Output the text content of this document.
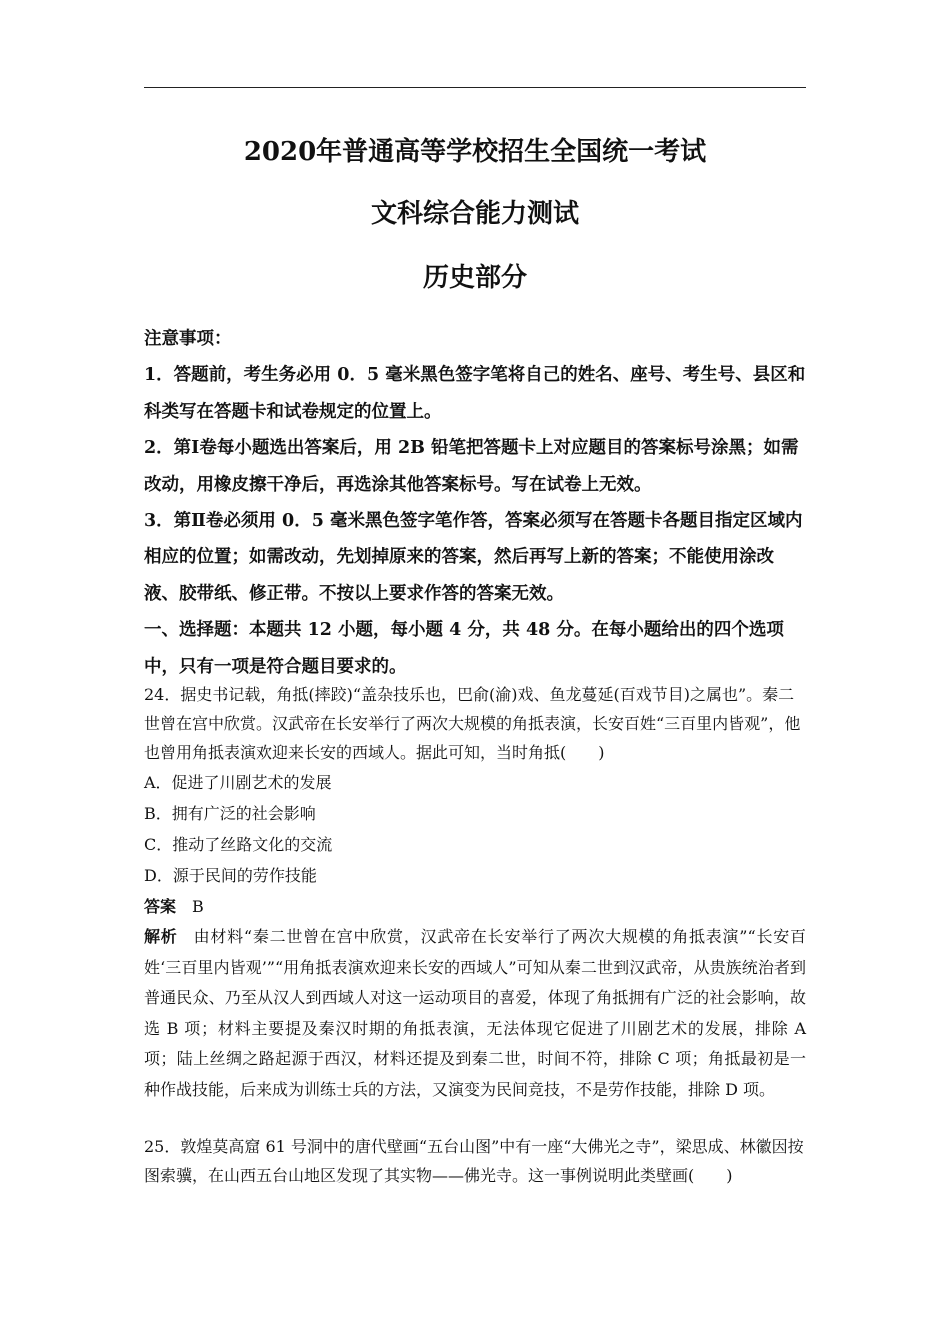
2020年普通高等学校招生全国统一考试
文科综合能力测试
历史部分

注意事项：

1．答题前，考生务必用 0．5 毫米黑色签字笔将自己的姓名、座号、考生号、县区和科类写在答题卡和试卷规定的位置上。

2．第Ⅰ卷每小题选出答案后，用 2B 铅笔把答题卡上对应题目的答案标号涂黑；如需改动，用橡皮擦干净后，再选涂其他答案标号。写在试卷上无效。

3．第Ⅱ卷必须用 0．5 毫米黑色签字笔作答，答案必须写在答题卡各题目指定区域内相应的位置；如需改动，先划掉原来的答案，然后再写上新的答案；不能使用涂改液、胶带纸、修正带。不按以上要求作答的答案无效。

一、选择题：本题共 12 小题，每小题 4 分，共 48 分。在每小题给出的四个选项中，只有一项是符合题目要求的。

24．据史书记载，角抵(摔跤)“盖杂技乐也，巴俞(渝)戏、鱼龙蔓延(百戏节目)之属也”。秦二世曾在宫中欣赏。汉武帝在长安举行了两次大规模的角抵表演，长安百姓“三百里内皆观”，他也曾用角抵表演欢迎来长安的西域人。据此可知，当时角抵(　　)

A．促进了川剧艺术的发展

B．拥有广泛的社会影响

C．推动了丝路文化的交流

D．源于民间的劳作技能

答案　 B

解析 由材料“秦二世曾在宫中欣赏，汉武帝在长安举行了两次大规模的角抵表演”“长安百姓‘三百里内皆观’”“用角抵表演欢迎来长安的西域人”可知从秦二世到汉武帝，从贵族统治者到普通民众、乃至从汉人到西域人对这一运动项目的喜爱，体现了角抵拥有广泛的社会影响，故选 B 项；材料主要提及秦汉时期的角抵表演，无法体现它促进了川剧艺术的发展，排除 A 项；陆上丝绸之路起源于西汉，材料还提及到秦二世，时间不符，排除 C 项；角抵最初是一种作战技能，后来成为训练士兵的方法，又演变为民间竞技，不是劳作技能，排除 D 项。

25．敦煌莫高窟 61 号洞中的唐代壁画“五台山图”中有一座“大佛光之寺”，梁思成、林徽因按图索骥，在山西五台山地区发现了其实物——佛光寺。这一事例说明此类壁画(　　)
